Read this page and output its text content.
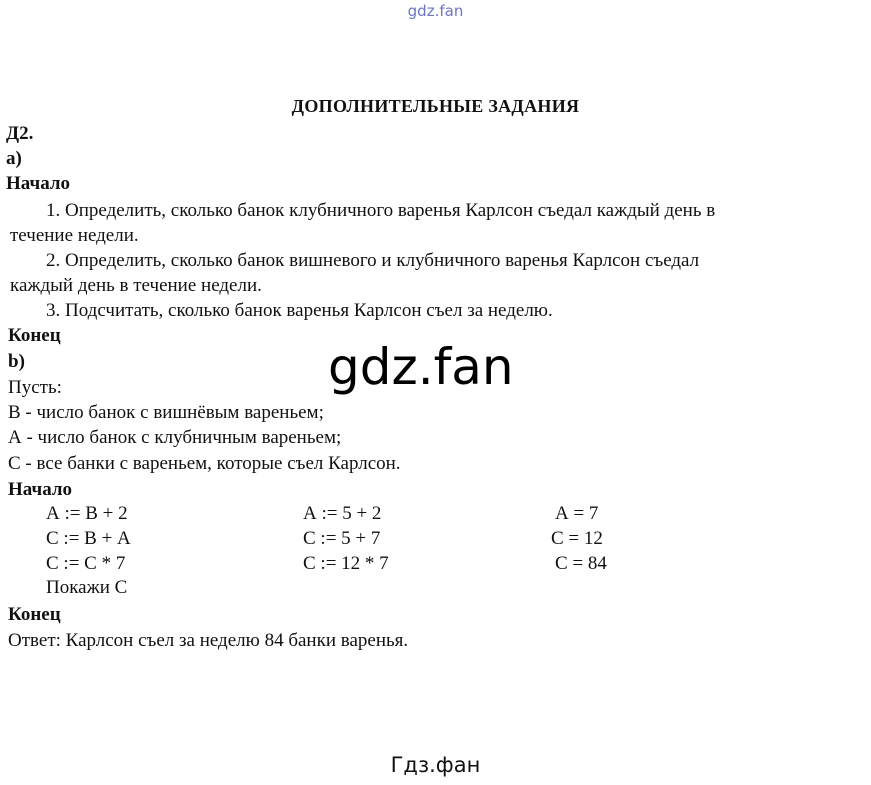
gdz.fan
ДОПОЛНИТЕЛЬНЫЕ ЗАДАНИЯ
Д2.
а)
Начало
1. Определить, сколько банок клубничного варенья Карлсон съедал каждый день в
течение недели.
2. Определить, сколько банок вишневого и клубничного варенья Карлсон съедал
каждый день в течение недели.
3. Подсчитать, сколько банок варенья Карлсон съел за неделю.
Конец
b)	gdz.fan
Пусть:
В - число банок с вишнёвым вареньем;
А - число банок с клубничным вареньем;
С - все банки с вареньем, которые съел Карлсон.
Начало
А := В + 2	А := 5 + 2	А = 7
С := В + А	С := 5 + 7	С = 12
С := С * 7	С := 12 * 7	С = 84
Покажи С
Конец
Ответ: Карлсон съел за неделю 84 банки варенья.
Гдз.фан
